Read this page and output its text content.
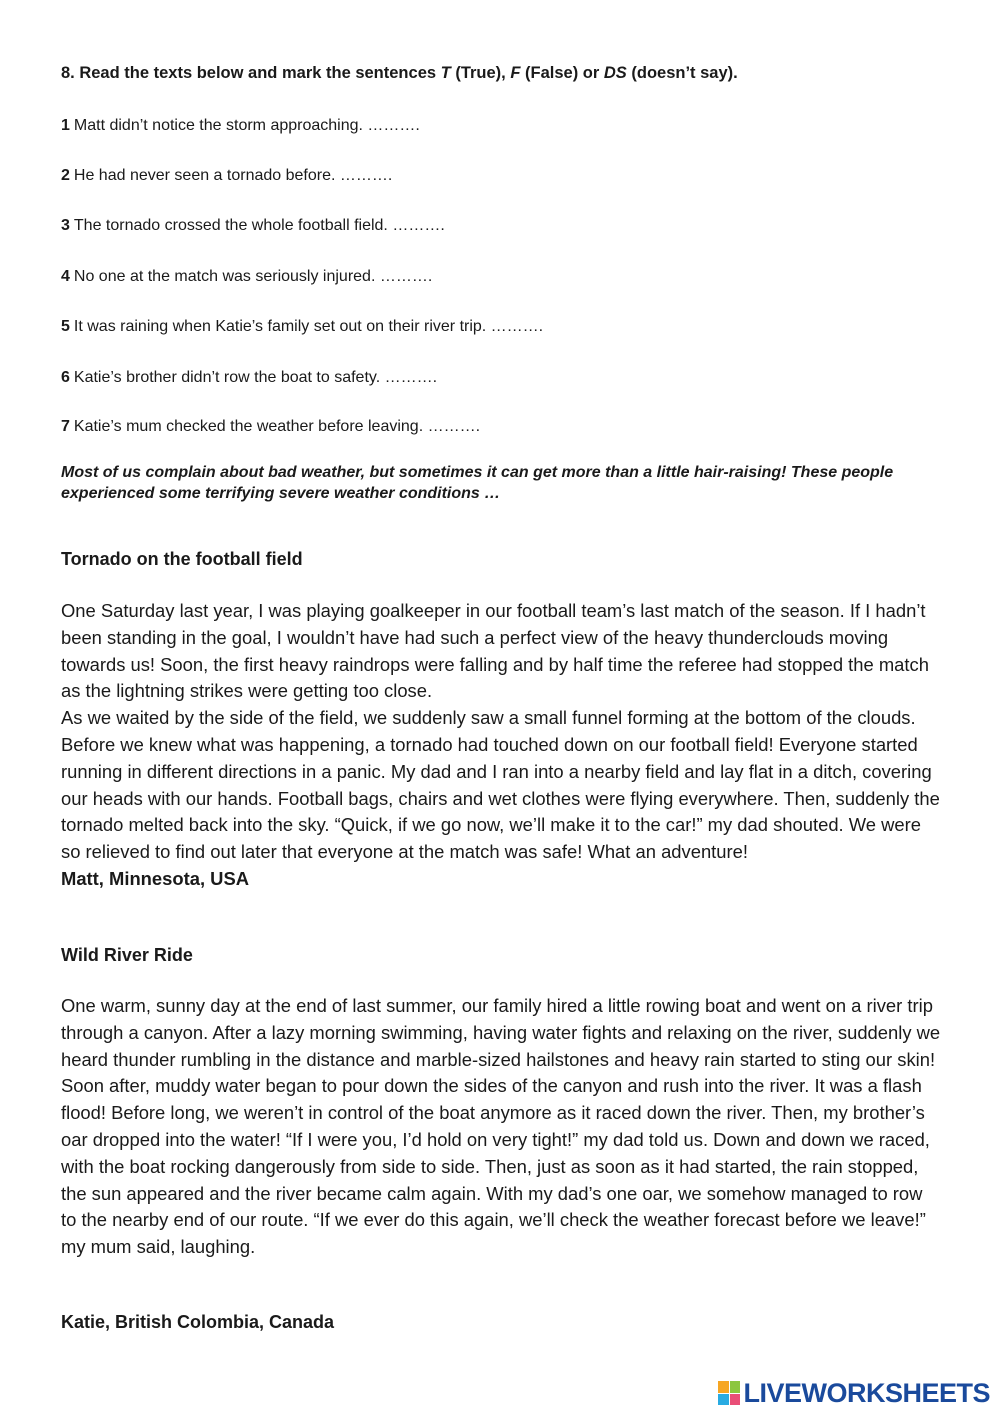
8. Read the texts below and mark the sentences T (True), F (False) or DS (doesn’t say).
1 Matt didn’t notice the storm approaching. ……….
2 He had never seen a tornado before. ……….
3 The tornado crossed the whole football field. ……….
4 No one at the match was seriously injured. ……….
5 It was raining when Katie’s family set out on their river trip. ……….
6 Katie’s brother didn’t row the boat to safety. ……….
7 Katie’s mum checked the weather before leaving. ……….
Most of us complain about bad weather, but sometimes it can get more than a little hair-raising! These people experienced some terrifying severe weather conditions …
Tornado on the football field

One Saturday last year, I was playing goalkeeper in our football team’s last match of the season. If I hadn’t been standing in the goal, I wouldn’t have had such a perfect view of the heavy thunderclouds moving towards us! Soon, the first heavy raindrops were falling and by half time the referee had stopped the match as the lightning strikes were getting too close.

As we waited by the side of the field, we suddenly saw a small funnel forming at the bottom of the clouds. Before we knew what was happening, a tornado had touched down on our football field! Everyone started running in different directions in a panic. My dad and I ran into a nearby field and lay flat in a ditch, covering our heads with our hands. Football bags, chairs and wet clothes were flying everywhere. Then, suddenly the tornado melted back into the sky. “Quick, if we go now, we’ll make it to the car!” my dad shouted. We were so relieved to find out later that everyone at the match was safe! What an adventure!

Matt, Minnesota, USA

Wild River Ride

One warm, sunny day at the end of last summer, our family hired a little rowing boat and went on a river trip through a canyon. After a lazy morning swimming, having water fights and relaxing on the river, suddenly we heard thunder rumbling in the distance and marble-sized hailstones and heavy rain started to sting our skin! Soon after, muddy water began to pour down the sides of the canyon and rush into the river. It was a flash flood! Before long, we weren’t in control of the boat anymore as it raced down the river. Then, my brother’s oar dropped into the water! “If I were you, I’d hold on very tight!” my dad told us. Down and down we raced, with the boat rocking dangerously from side to side. Then, just as soon as it had started, the rain stopped, the sun appeared and the river became calm again. With my dad’s one oar, we somehow managed to row to the nearby end of our route. “If we ever do this again, we’ll check the weather forecast before we leave!” my mum said, laughing.

Katie, British Colombia, Canada
LIVEWORKSHEETS
